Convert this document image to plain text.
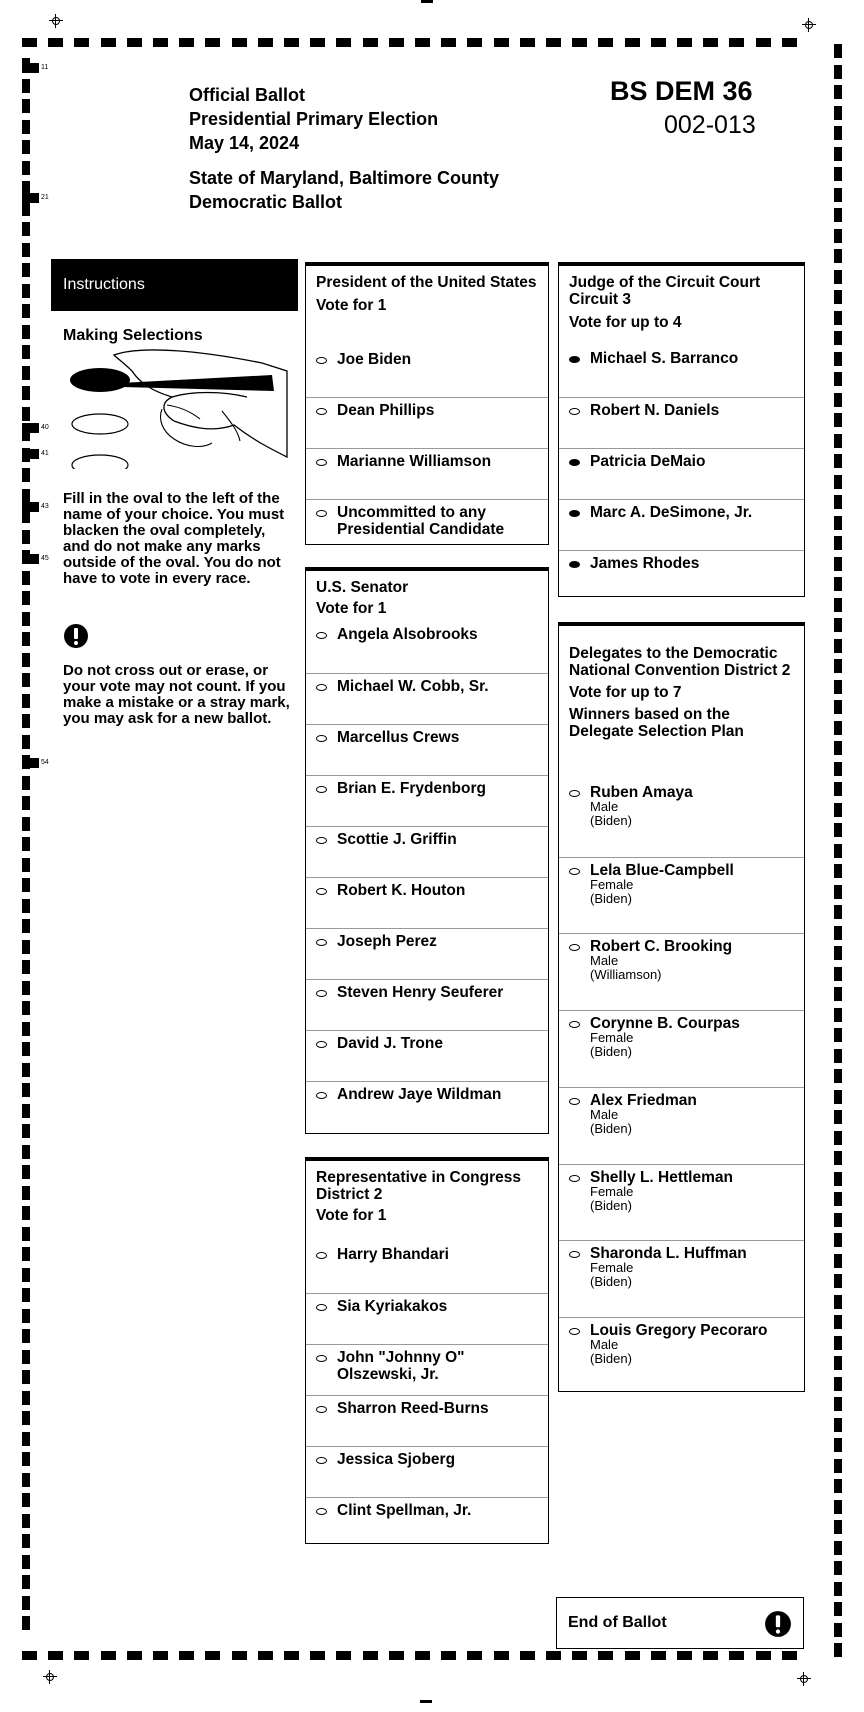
Official Ballot
Presidential Primary Election
May 14, 2024
State of Maryland, Baltimore County
Democratic Ballot
BS DEM 36
002-013
Instructions
Making Selections
Fill in the oval to the left of the name of your choice. You must blacken the oval completely, and do not make any marks outside of the oval. You do not have to vote in every race.
Do not cross out or erase, or your vote may not count. If you make a mistake or a stray mark, you may ask for a new ballot.
President of the United States
Vote for 1
Joe Biden
Dean Phillips
Marianne Williamson
Uncommitted to any Presidential Candidate
U.S. Senator
Vote for 1
Angela Alsobrooks
Michael W. Cobb, Sr.
Marcellus Crews
Brian E. Frydenborg
Scottie J. Griffin
Robert K. Houton
Joseph Perez
Steven Henry Seuferer
David J. Trone
Andrew Jaye Wildman
Representative in Congress District 2
Vote for 1
Harry Bhandari
Sia Kyriakakos
John "Johnny O" Olszewski, Jr.
Sharron Reed-Burns
Jessica Sjoberg
Clint Spellman, Jr.
Judge of the Circuit Court Circuit 3
Vote for up to 4
Michael S. Barranco
Robert N. Daniels
Patricia DeMaio
Marc A. DeSimone, Jr.
James Rhodes
Delegates to the Democratic National Convention District 2
Vote for up to 7
Winners based on the Delegate Selection Plan
Ruben Amaya
Male
(Biden)
Lela Blue-Campbell
Female
(Biden)
Robert C. Brooking
Male
(Williamson)
Corynne B. Courpas
Female
(Biden)
Alex Friedman
Male
(Biden)
Shelly L. Hettleman
Female
(Biden)
Sharonda L. Huffman
Female
(Biden)
Louis Gregory Pecoraro
Male
(Biden)
End of Ballot
11
21
40
41
43
45
54
